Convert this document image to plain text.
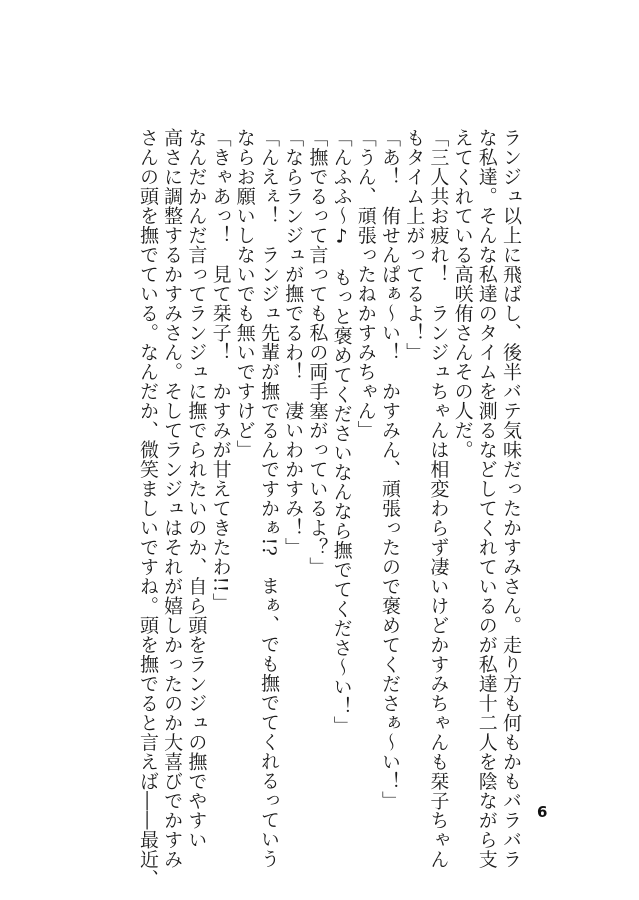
ランジュ以上に飛ばし、後半バテ気味だったかすみさん。走り方も何もかもバラバラ
な私達。そんな私達のタイムを測るなどしてくれているのが私達十二人を陰ながら支
えてくれている高咲侑さんその人だ。
「三人共お疲れ！　ランジュちゃんは相変わらず凄いけどかすみちゃんも栞子ちゃん
もタイム上がってるよ！」
「あ！　侑せんぱぁ〜い！　かすみん、頑張ったので褒めてくださぁ〜い！」
「うん、頑張ったねかすみちゃん」
「んふふ〜♪　もっと褒めてくださいなんなら撫でてくださ〜い！」
「撫でるって言っても私の両手塞がっているよ？」
「ならランジュが撫でるわ！　凄いわかすみ！」
「んえぇ！　ランジュ先輩が撫でるんですかぁ!?　まぁ、でも撫でてくれるっていう
ならお願いしないでも無いですけど」
「きゃあっ！　見て栞子！　かすみが甘えてきたわ!!」
なんだかんだ言ってランジュに撫でられたいのか、自ら頭をランジュの撫でやすい
高さに調整するかすみさん。そしてランジュはそれが嬉しかったのか大喜びでかすみ
さんの頭を撫でている。なんだか、微笑ましいですね。頭を撫でると言えば――最近、	6
